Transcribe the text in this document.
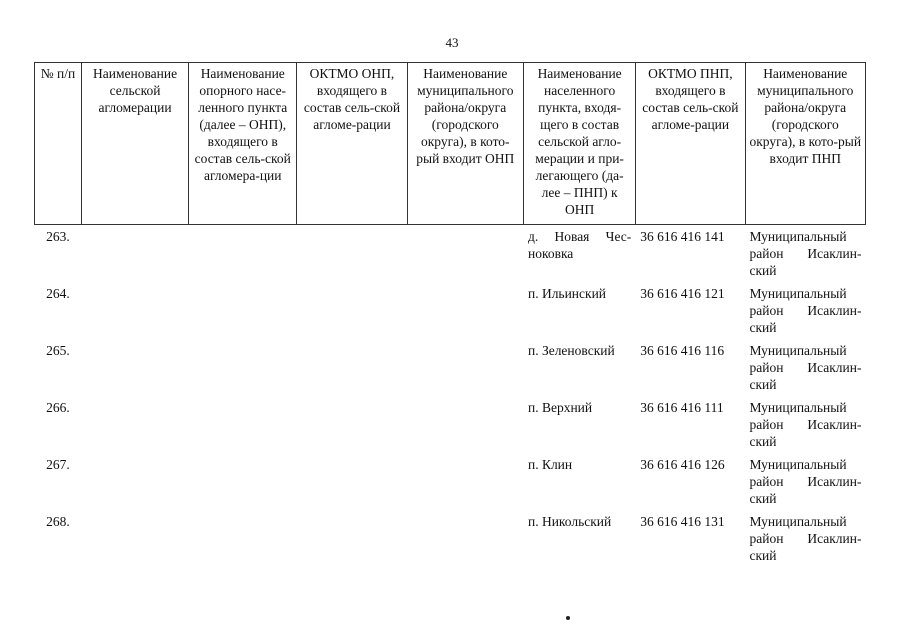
43
№ п/п	Наименование сельской агломерации	Наименование опорного насе-ленного пункта (далее – ОНП), входящего в состав сель-ской агломера-ции	ОКТМО ОНП, входящего в состав сель-ской агломе-рации	Наименование муниципального района/округа (городского округа), в кото-рый входит ОНП	Наименование населенного пункта, входя-щего в состав сельской агло-мерации и при-легающего (да-лее – ПНП) к ОНП	ОКТМО ПНП, входящего в состав сель-ской агломе-рации	Наименование муниципального района/округа (городского округа), в кото-рый входит ПНП
263.					д. Новая Чес-ноковка	36 616 416 141	Муниципальный район Исаклин-ский
264.					п. Ильинский	36 616 416 121	Муниципальный район Исаклин-ский
265.					п. Зеленовский	36 616 416 116	Муниципальный район Исаклин-ский
266.					п. Верхний	36 616 416 111	Муниципальный район Исаклин-ский
267.					п. Клин	36 616 416 126	Муниципальный район Исаклин-ский
268.					п. Никольский	36 616 416 131	Муниципальный район Исаклин-ский
